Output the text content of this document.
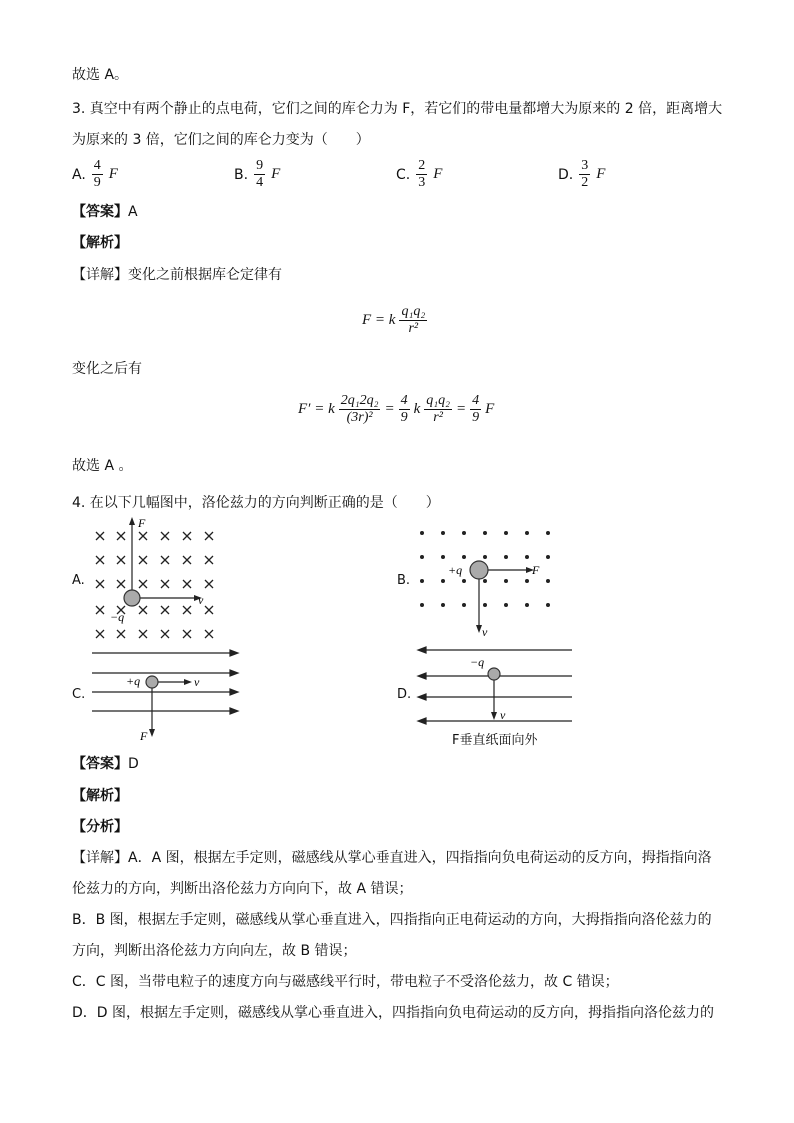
故选 A。
3. 真空中有两个静止的点电荷，它们之间的库仑力为 F，若它们的带电量都增大为原来的 2 倍，距离增大
为原来的 3 倍，它们之间的库仑力变为（　　）
A. $\frac{4}{9}$ F	B. $\frac{9}{4}$ F	C. $\frac{2}{3}$ F	D. $\frac{3}{2}$ F
【答案】A
【解析】
【详解】变化之前根据库仑定律有
F = k $\frac{\text{q₁q₂}}{\text{r²}}$
变化之后有
F′ = k $\frac{\text{2q₁2q₂}}{\text{(3r)²}} = \frac{4}{9}$ k $\frac{\text{q₁q₂}}{\text{r²}} = \frac{4}{9}$ F
故选 A 。
4. 在以下几幅图中，洛伦兹力的方向判断正确的是（　　）
A.
F
v
−q
B.
+q	F
v
C.
+q	v
F
D.
−q
v
F垂直纸面向外
【答案】D
【解析】
【分析】
【详解】A．A 图，根据左手定则，磁感线从掌心垂直进入，四指指向负电荷运动的反方向，拇指指向洛
伦兹力的方向，判断出洛伦兹力方向向下，故 A 错误；
B．B 图，根据左手定则，磁感线从掌心垂直进入，四指指向正电荷运动的方向，大拇指指向洛伦兹力的
方向，判断出洛伦兹力方向向左，故 B 错误；
C．C 图，当带电粒子的速度方向与磁感线平行时，带电粒子不受洛伦兹力，故 C 错误；
D．D 图，根据左手定则，磁感线从掌心垂直进入，四指指向负电荷运动的反方向，拇指指向洛伦兹力的
